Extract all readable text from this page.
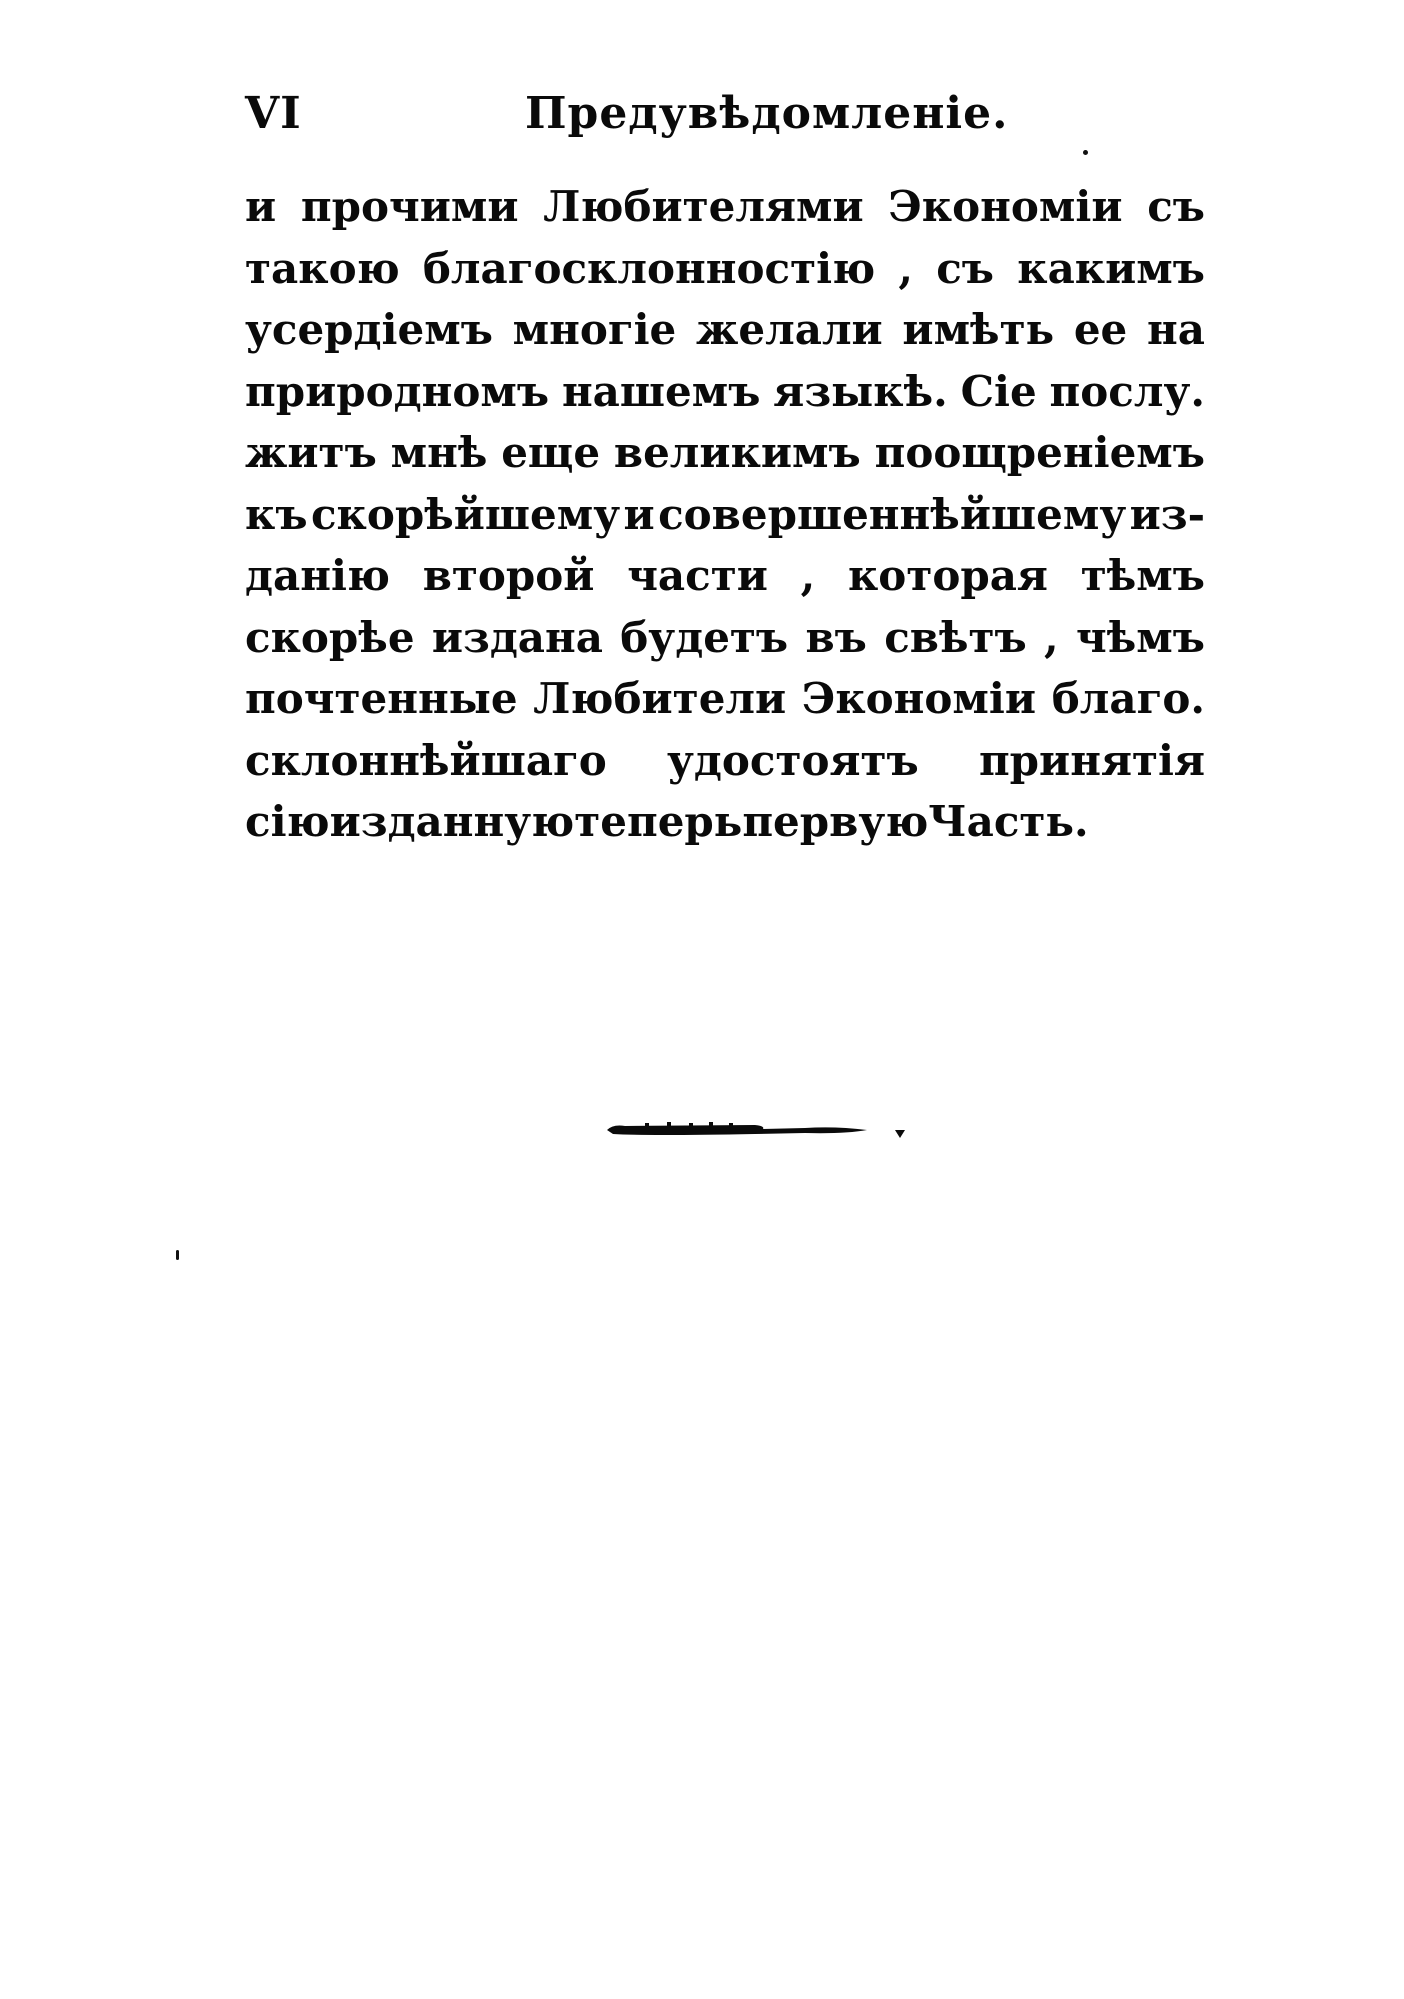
VI	Предувѣдомленіе.
и прочими Любителями Экономіи съ
такою благосклонностію , съ какимъ
усердіемъ многіе желали имѣть ее на
природномъ нашемъ языкѣ. Сіе послу.
житъ мнѣ еще великимъ поощреніемъ
къ скорѣйшему и совершеннѣйшему из-
данію второй части , которая тѣмъ
скорѣе издана будетъ въ свѣтъ , чѣмъ
почтенные Любители Экономіи благо.
склоннѣйшаго удостоятъ принятія
сію изданную теперь первую Часть.
